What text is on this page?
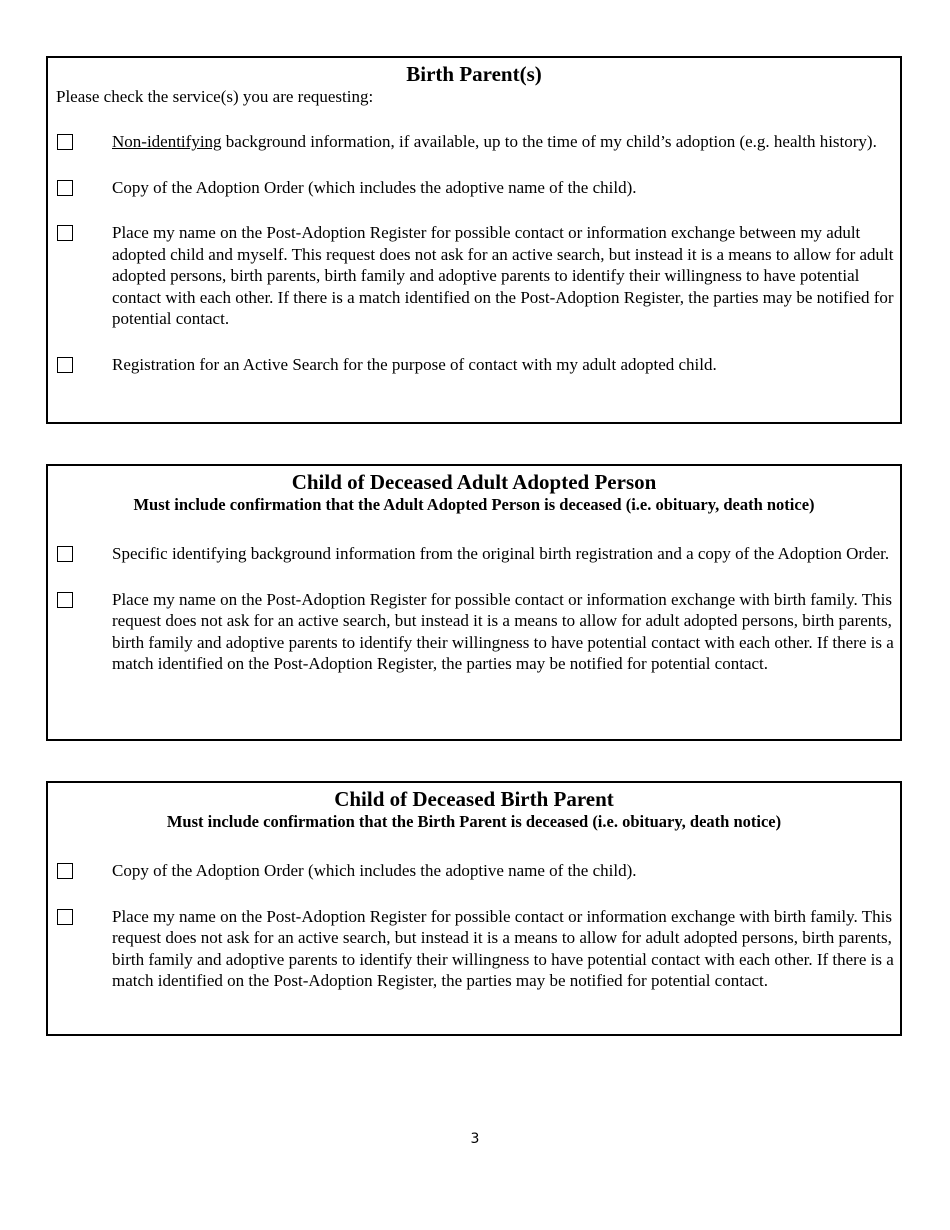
Birth Parent(s)
Please check the service(s) you are requesting:
Non-identifying background information, if available, up to the time of my child’s adoption (e.g. health history).
Copy of the Adoption Order (which includes the adoptive name of the child).
Place my name on the Post-Adoption Register for possible contact or information exchange between my adult adopted child and myself. This request does not ask for an active search, but instead it is a means to allow for adult adopted persons, birth parents, birth family and adoptive parents to identify their willingness to have potential contact with each other. If there is a match identified on the Post-Adoption Register, the parties may be notified for potential contact.
Registration for an Active Search for the purpose of contact with my adult adopted child.
Child of Deceased Adult Adopted Person
Must include confirmation that the Adult Adopted Person is deceased (i.e. obituary, death notice)
Specific identifying background information from the original birth registration and a copy of the Adoption Order.
Place my name on the Post-Adoption Register for possible contact or information exchange with birth family. This request does not ask for an active search, but instead it is a means to allow for adult adopted persons, birth parents, birth family and adoptive parents to identify their willingness to have potential contact with each other. If there is a match identified on the Post-Adoption Register, the parties may be notified for potential contact.
Child of Deceased Birth Parent
Must include confirmation that the Birth Parent is deceased (i.e. obituary, death notice)
Copy of the Adoption Order (which includes the adoptive name of the child).
Place my name on the Post-Adoption Register for possible contact or information exchange with birth family. This request does not ask for an active search, but instead it is a means to allow for adult adopted persons, birth parents, birth family and adoptive parents to identify their willingness to have potential contact with each other. If there is a match identified on the Post-Adoption Register, the parties may be notified for potential contact.
3
